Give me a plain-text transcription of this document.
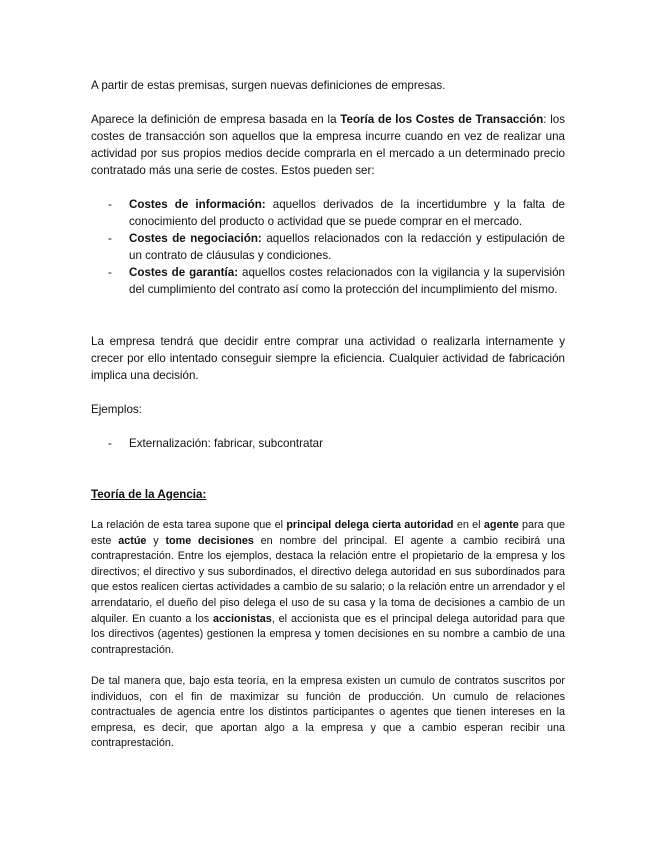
A partir de estas premisas, surgen nuevas definiciones de empresas.

Aparece la definición de empresa basada en la Teoría de los Costes de Transacción: los costes de transacción son aquellos que la empresa incurre cuando en vez de realizar una actividad por sus propios medios decide comprarla en el mercado a un determinado precio contratado más una serie de costes. Estos pueden ser:

- Costes de información: aquellos derivados de la incertidumbre y la falta de conocimiento del producto o actividad que se puede comprar en el mercado.

- Costes de negociación: aquellos relacionados con la redacción y estipulación de un contrato de cláusulas y condiciones.

- Costes de garantía: aquellos costes relacionados con la vigilancia y la supervisión del cumplimiento del contrato así como la protección del incumplimiento del mismo.

La empresa tendrá que decidir entre comprar una actividad o realizarla internamente y crecer por ello intentado conseguir siempre la eficiencia. Cualquier actividad de fabricación implica una decisión.

Ejemplos:

- Externalización: fabricar, subcontratar

Teoría de la Agencia:

La relación de esta tarea supone que el principal delega cierta autoridad en el agente para que este actúe y tome decisiones en nombre del principal. El agente a cambio recibirá una contraprestación. Entre los ejemplos, destaca la relación entre el propietario de la empresa y los directivos; el directivo y sus subordinados, el directivo delega autoridad en sus subordinados para que estos realicen ciertas actividades a cambio de su salario; o la relación entre un arrendador y el arrendatario, el dueño del piso delega el uso de su casa y la toma de decisiones a cambio de un alquiler. En cuanto a los accionistas, el accionista que es el principal delega autoridad para que los directivos (agentes) gestionen la empresa y tomen decisiones en su nombre a cambio de una contraprestación.

De tal manera que, bajo esta teoría, en la empresa existen un cumulo de contratos suscritos por individuos, con el fin de maximizar su función de producción. Un cumulo de relaciones contractuales de agencia entre los distintos participantes o agentes que tienen intereses en la empresa, es decir, que aportan algo a la empresa y que a cambio esperan recibir una contraprestación.
